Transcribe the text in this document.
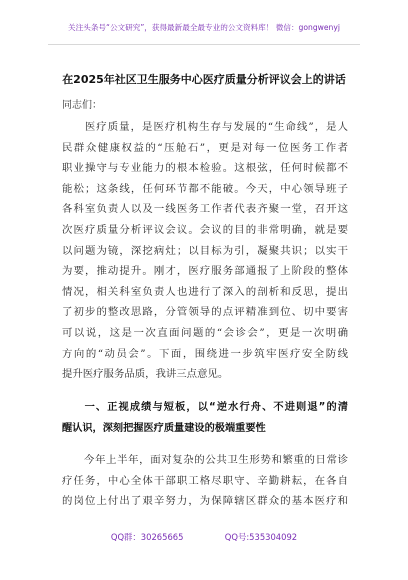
关注头条号“公文研究”，获得最新最全最专业的公文资料库！ 微信：gongwenyj
在2025年社区卫生服务中心医疗质量分析评议会上的讲话
同志们：
　　医疗质量，是医疗机构生存与发展的“生命线”，是人
民群众健康权益的“压舱石”，更是对每一位医务工作者
职业操守与专业能力的根本检验。这根弦，任何时候都不
能松；这条线，任何环节都不能破。今天，中心领导班子
各科室负责人以及一线医务工作者代表齐聚一堂，召开这
次医疗质量分析评议会议。会议的目的非常明确，就是要
以问题为镜，深挖病灶；以目标为引，凝聚共识；以实干
为要，推动提升。刚才，医疗服务部通报了上阶段的整体
情况，相关科室负责人也进行了深入的剖析和反思，提出
了初步的整改思路，分管领导的点评精准到位、切中要害
可以说，这是一次直面问题的“会诊会”，更是一次明确
方向的“动员会”。下面，围绕进一步筑牢医疗安全防线
提升医疗服务品质，我讲三点意见。
　　一、正视成绩与短板，以“逆水行舟、不进则退”的清
醒认识，深刻把握医疗质量建设的极端重要性
　　今年上半年，面对复杂的公共卫生形势和繁重的日常诊
疗任务，中心全体干部职工格尽职守、辛勤耕耘，在各自
的岗位上付出了艰辛努力，为保障辖区群众的基本医疗和
QQ群：30265665	QQ号:535304092
